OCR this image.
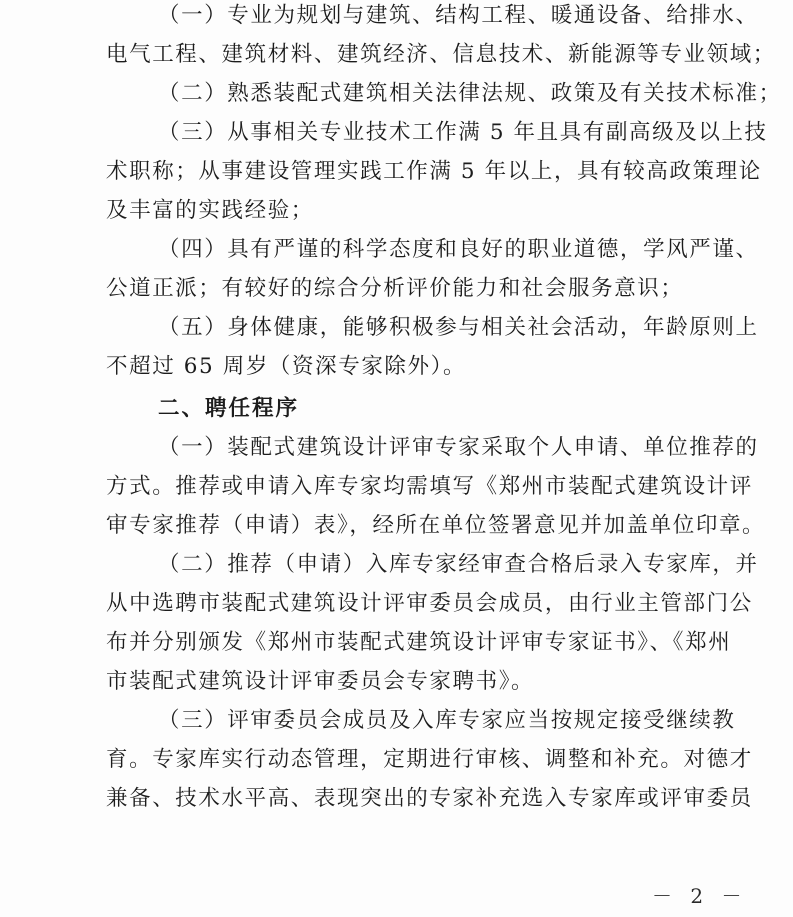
（一）专业为规划与建筑、结构工程、暖通设备、给排水、
电气工程、建筑材料、建筑经济、信息技术、新能源等专业领域；
（二）熟悉装配式建筑相关法律法规、政策及有关技术标准；
（三）从事相关专业技术工作满 5 年且具有副高级及以上技
术职称；从事建设管理实践工作满 5 年以上，具有较高政策理论
及丰富的实践经验；
（四）具有严谨的科学态度和良好的职业道德，学风严谨、
公道正派；有较好的综合分析评价能力和社会服务意识；
（五）身体健康，能够积极参与相关社会活动，年龄原则上
不超过 65 周岁（资深专家除外）。
二、聘任程序
（一）装配式建筑设计评审专家采取个人申请、单位推荐的
方式。推荐或申请入库专家均需填写《郑州市装配式建筑设计评
审专家推荐（申请）表》，经所在单位签署意见并加盖单位印章。
（二）推荐（申请）入库专家经审查合格后录入专家库，并
从中选聘市装配式建筑设计评审委员会成员，由行业主管部门公
布并分别颁发《郑州市装配式建筑设计评审专家证书》、《郑州
市装配式建筑设计评审委员会专家聘书》。
（三）评审委员会成员及入库专家应当按规定接受继续教
育。专家库实行动态管理，定期进行审核、调整和补充。对德才
兼备、技术水平高、表现突出的专家补充选入专家库或评审委员
－ 2 －
